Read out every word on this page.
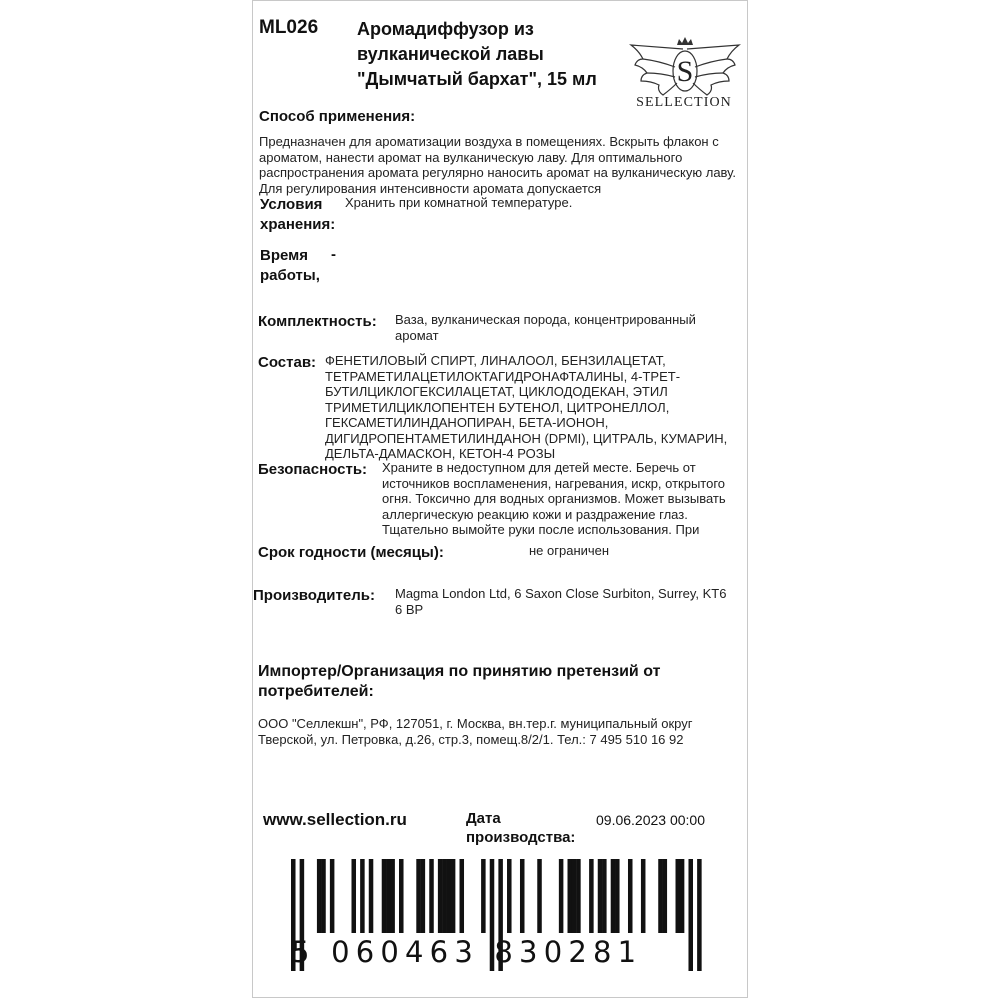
ML026 Аромадиффузор из вулканической лавы "Дымчатый бархат", 15 мл	S
SELLECTION
Способ применения:
Предназначен для ароматизации воздуха в помещениях. Вскрыть флакон с ароматом, нанести аромат на вулканическую лаву. Для оптимального распространения аромата регулярно наносить аромат на вулканическую лаву. Для регулирования интенсивности аромата допускается
Условия хранения:
Хранить при комнатной температуре.
Время работы,
-
Комплектность: Ваза, вулканическая порода, концентрированный аромат
Состав: ФЕНЕТИЛОВЫЙ СПИРТ, ЛИНАЛООЛ, БЕНЗИЛАЦЕТАТ, ТЕТРАМЕТИЛАЦЕТИЛОКТАГИДРОНАФТАЛИНЫ, 4-ТРЕТ-БУТИЛЦИКЛОГЕКСИЛАЦЕТАТ, ЦИКЛОДОДЕКАН, ЭТИЛ ТРИМЕТИЛЦИКЛОПЕНТЕН БУТЕНОЛ, ЦИТРОНЕЛЛОЛ, ГЕКСАМЕТИЛИНДАНОПИРАН, БЕТА-ИОНОН, ДИГИДРОПЕНТАМЕТИЛИНДАНОН (DPMI), ЦИТРАЛЬ, КУМАРИН, ДЕЛЬТА-ДАМАСКОН, КЕТОН-4 РОЗЫ
Безопасность: Храните в недоступном для детей месте. Беречь от источников воспламенения, нагревания, искр, открытого огня. Токсично для водных организмов. Может вызывать аллергическую реакцию кожи и раздражение глаз. Тщательно вымойте руки после использования. При
Срок годности (месяцы):	не ограничен
Производитель: Magma London Ltd, 6 Saxon Close Surbiton, Surrey, KT6 6 BP
Импортер/Организация по принятию претензий от потребителей:
ООО "Селлекшн", РФ, 127051, г. Москва, вн.тер.г. муниципальный округ Тверской, ул. Петровка, д.26, стр.3, помещ.8/2/1. Тел.: 7 495 510 16 92
www.sellection.ru	Дата производства:
09.06.2023 00:00
5 060463 830281
